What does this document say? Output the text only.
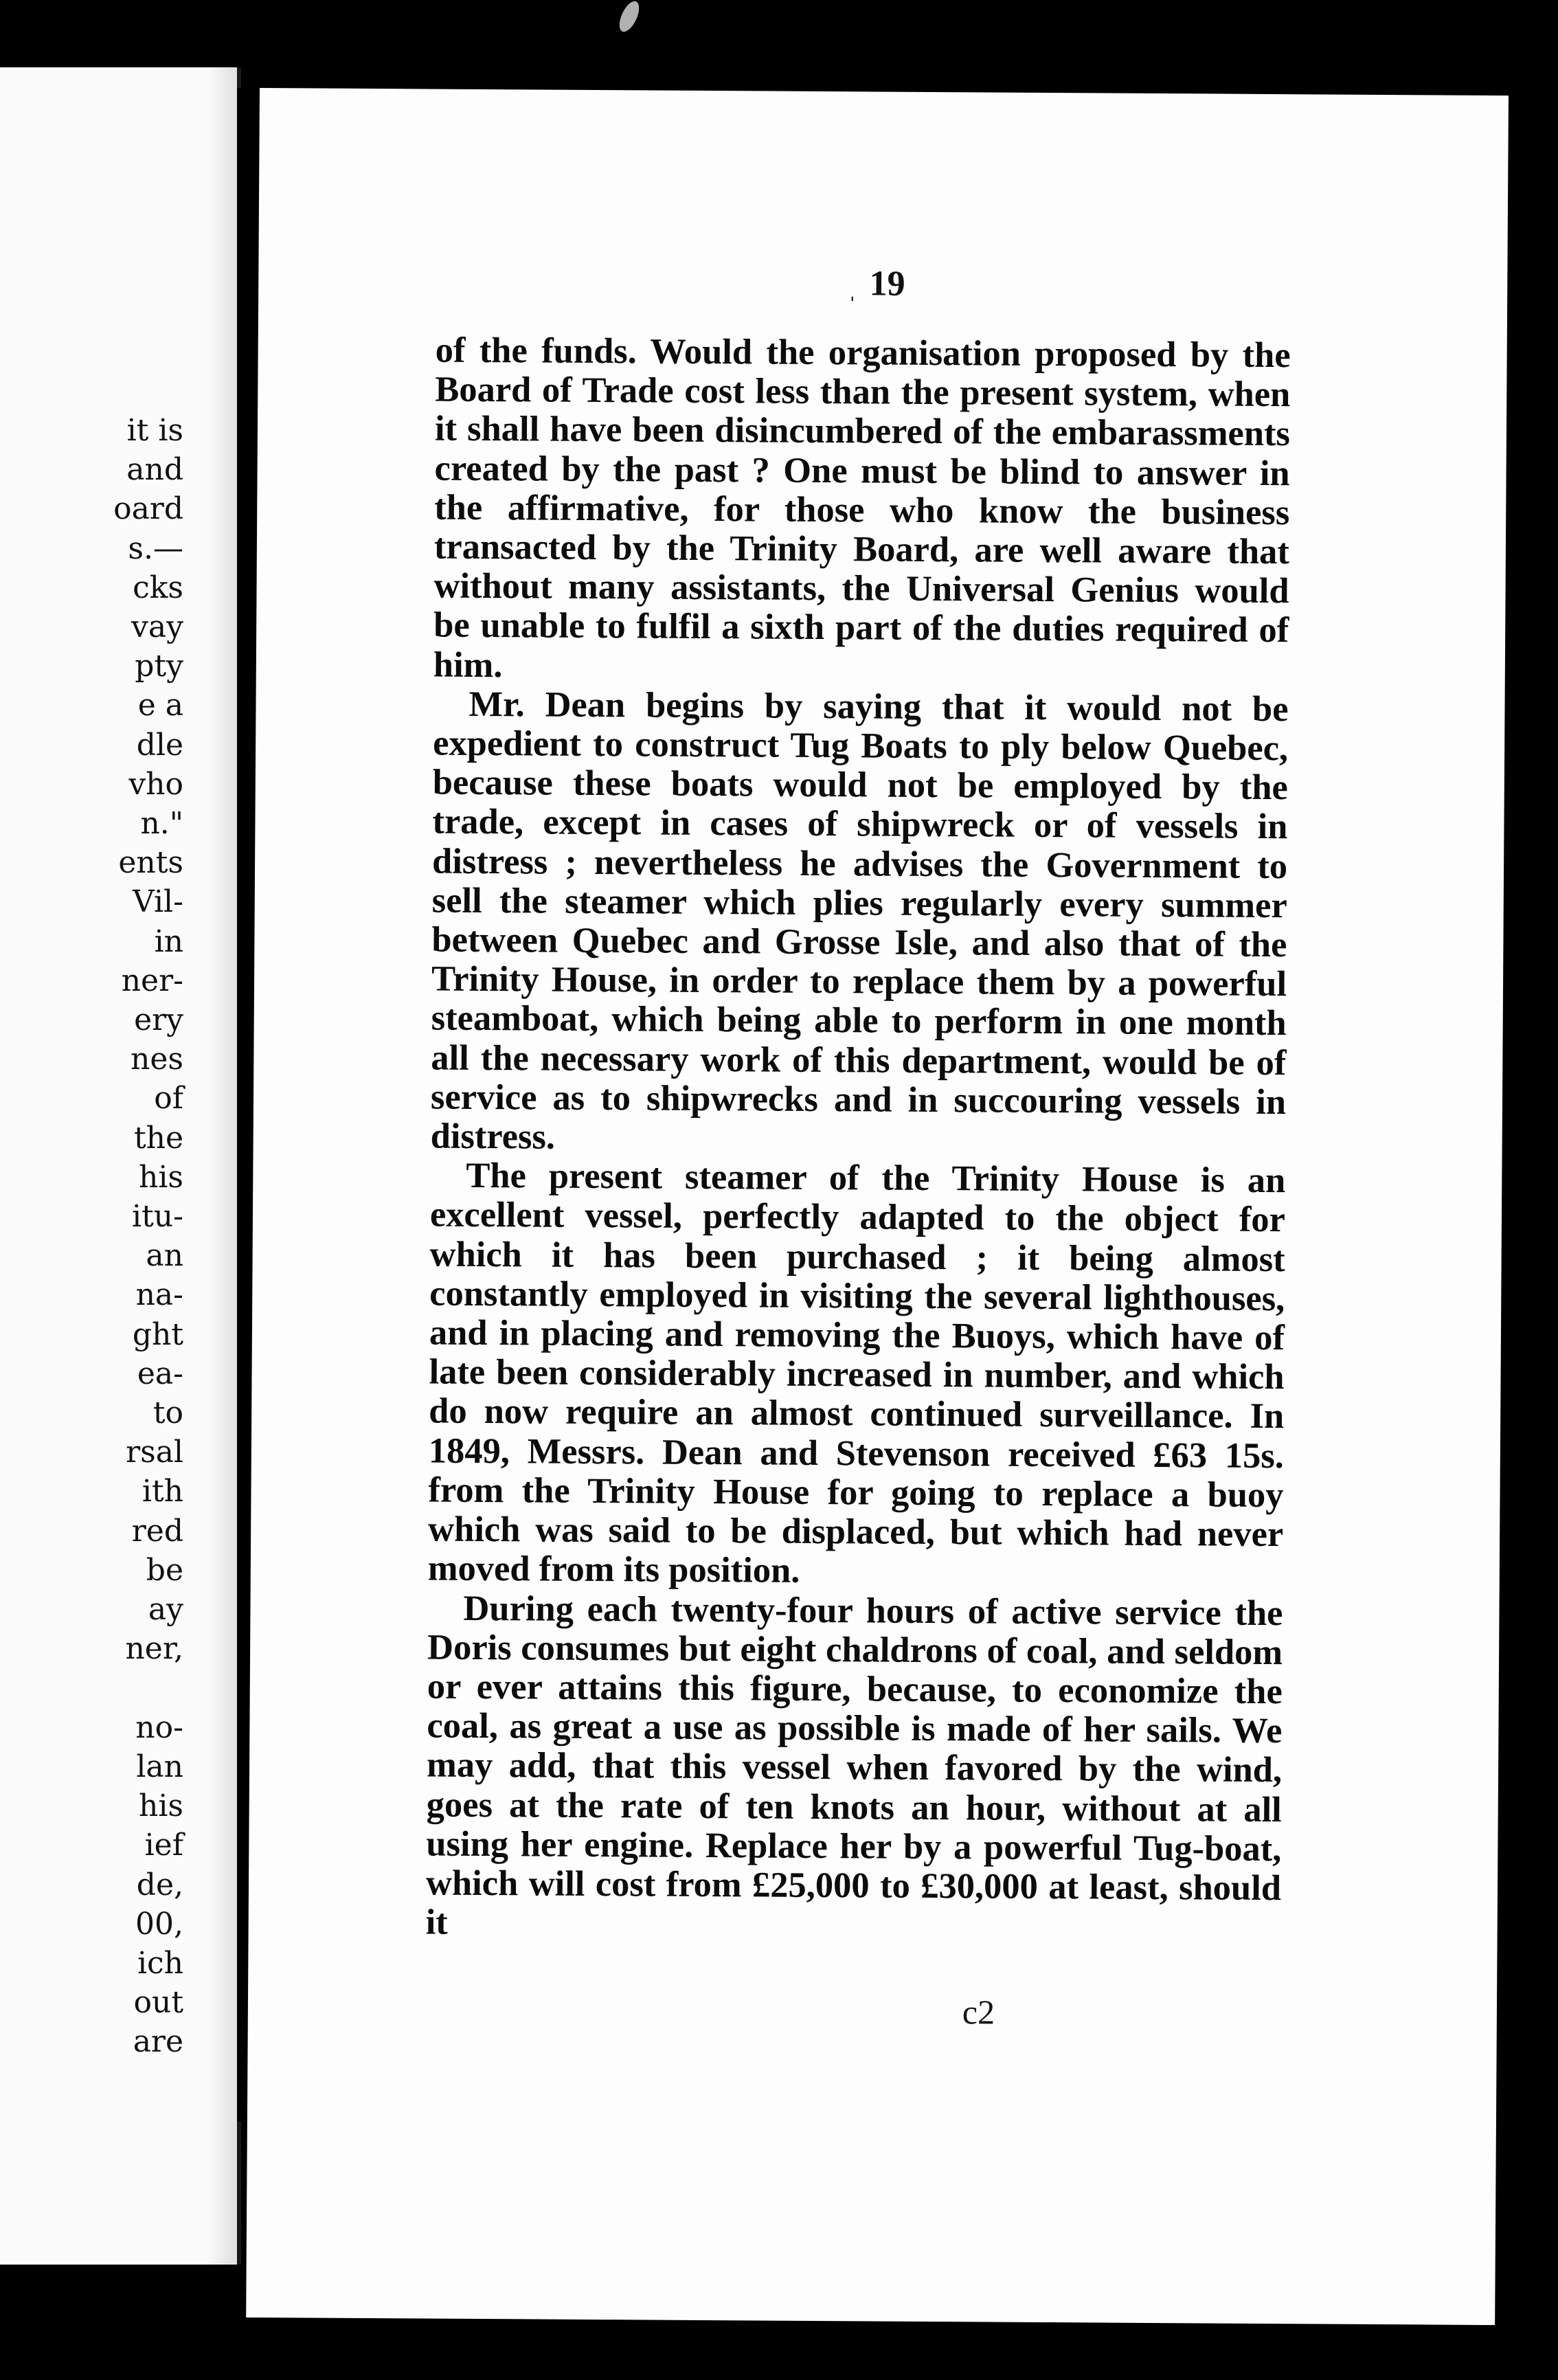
it is
and
oard
s.—
cks
vay
pty
e a
dle
vho
n."
ents
Vil-
in
ner-
ery
nes
of
the
his
itu-
an
na-
ght
ea-
to
rsal
ith
red
be
ay
ner,
no-
lan
his
ief
de,
00,
ich
out
are

ˌ 19

of the funds. Would the organisation proposed by the Board of Trade cost less than the present system, when it shall have been disincumbered of the embarassments created by the past ? One must be blind to answer in the affirmative, for those who know the business transacted by the Trinity Board, are well aware that without many assistants, the Universal Genius would be unable to fulfil a sixth part of the duties required of him.

Mr. Dean begins by saying that it would not be expedient to construct Tug Boats to ply below Quebec, because these boats would not be employed by the trade, except in cases of shipwreck or of vessels in distress ; nevertheless he advises the Government to sell the steamer which plies regularly every summer between Quebec and Grosse Isle, and also that of the Trinity House, in order to replace them by a powerful steamboat, which being able to perform in one month all the necessary work of this department, would be of service as to shipwrecks and in succouring vessels in distress.

The present steamer of the Trinity House is an excellent vessel, perfectly adapted to the object for which it has been purchased ; it being almost constantly employed in visiting the several lighthouses, and in placing and removing the Buoys, which have of late been considerably increased in number, and which do now require an almost continued surveillance. In 1849, Messrs. Dean and Stevenson received £63 15s. from the Trinity House for going to replace a buoy which was said to be displaced, but which had never moved from its position.

During each twenty-four hours of active service the Doris consumes but eight chaldrons of coal, and seldom or ever attains this figure, because, to economize the coal, as great a use as possible is made of her sails. We may add, that this vessel when favored by the wind, goes at the rate of ten knots an hour, without at all using her engine. Replace her by a powerful Tug-boat, which will cost from £25,000 to £30,000 at least, should it

c2
